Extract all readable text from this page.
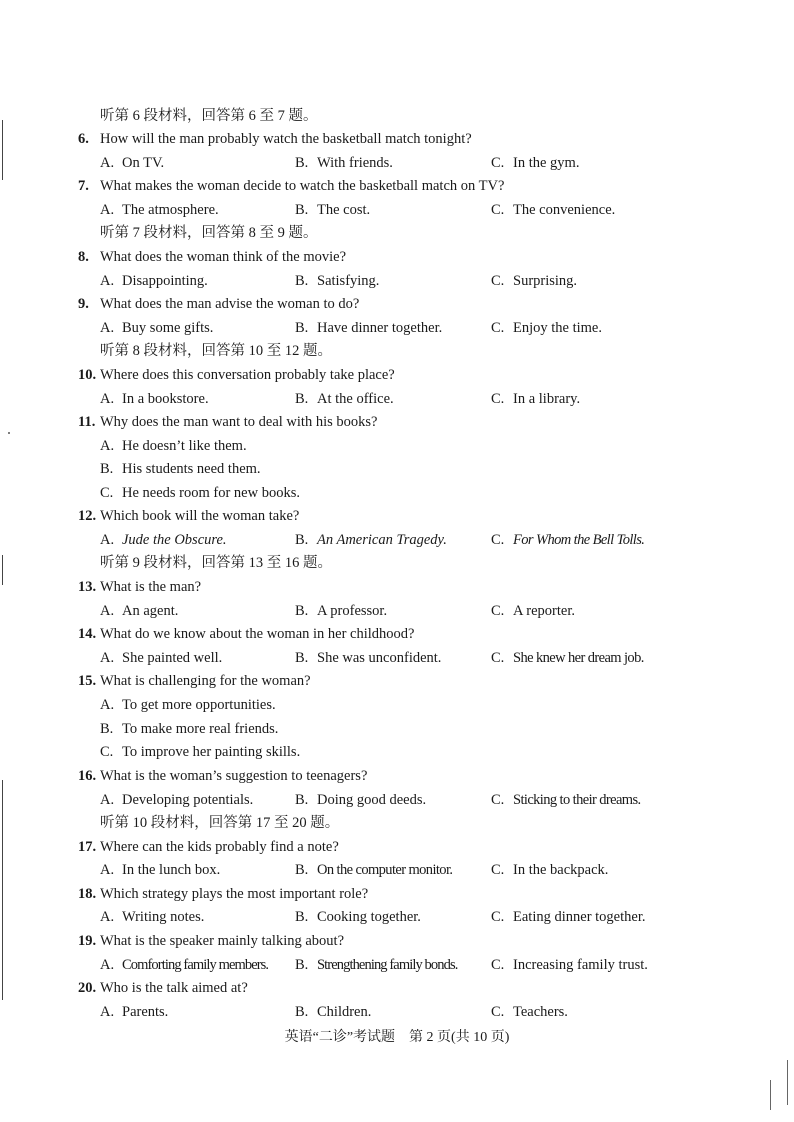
听第 6 段材料，回答第 6 至 7 题。
6. How will the man probably watch the basketball match tonight?
A. On TV.	B. With friends.	C. In the gym.
7. What makes the woman decide to watch the basketball match on TV?
A. The atmosphere.	B. The cost.	C. The convenience.
听第 7 段材料，回答第 8 至 9 题。
8. What does the woman think of the movie?
A. Disappointing.	B. Satisfying.	C. Surprising.
9. What does the man advise the woman to do?
A. Buy some gifts.	B. Have dinner together.	C. Enjoy the time.
听第 8 段材料，回答第 10 至 12 题。
10. Where does this conversation probably take place?
A. In a bookstore.	B. At the office.	C. In a library.
11. Why does the man want to deal with his books?
A. He doesn’t like them.
B. His students need them.
C. He needs room for new books.
12. Which book will the woman take?
A. Jude the Obscure.	B. An American Tragedy.	C. For Whom the Bell Tolls.
听第 9 段材料，回答第 13 至 16 题。
13. What is the man?
A. An agent.	B. A professor.	C. A reporter.
14. What do we know about the woman in her childhood?
A. She painted well.	B. She was unconfident.	C. She knew her dream job.
15. What is challenging for the woman?
A. To get more opportunities.
B. To make more real friends.
C. To improve her painting skills.
16. What is the woman’s suggestion to teenagers?
A. Developing potentials.	B. Doing good deeds.	C. Sticking to their dreams.
听第 10 段材料，回答第 17 至 20 题。
17. Where can the kids probably find a note?
A. In the lunch box.	B. On the computer monitor.	C. In the backpack.
18. Which strategy plays the most important role?
A. Writing notes.	B. Cooking together.	C. Eating dinner together.
19. What is the speaker mainly talking about?
A. Comforting family members. B. Strengthening family bonds. C. Increasing family trust.
20. Who is the talk aimed at?
A. Parents.	B. Children.	C. Teachers.
英语“二诊”考试题　第 2 页(共 10 页)
